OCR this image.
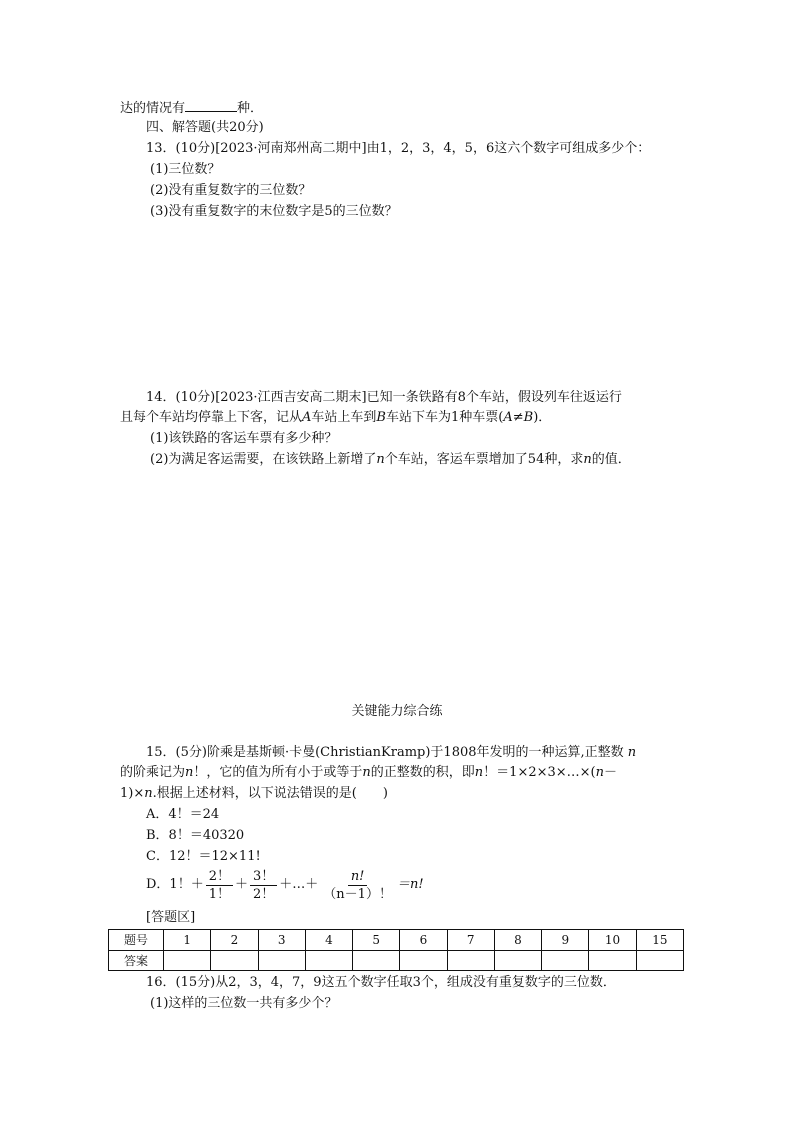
达的情况有	种．
四、解答题(共20分)
13．(10分)[2023·河南郑州高二期中]由1，2，3，4，5，6这六个数字可组成多少个：
(1)三位数？
(2)没有重复数字的三位数？
(3)没有重复数字的末位数字是5的三位数？
14．(10分)[2023·江西吉安高二期末]已知一条铁路有8个车站，假设列车往返运行
且每个车站均停靠上下客，记从A车站上车到B车站下车为1种车票(A≠B)．
(1)该铁路的客运车票有多少种？
(2)为满足客运需要，在该铁路上新增了n个车站，客运车票增加了54种，求n的值．
关键能力综合练
15．(5分)阶乘是基斯顿·卡曼(ChristianKramp)于1808年发明的一种运算,正整数 n
的阶乘记为n！，它的值为所有小于或等于n的正整数的积，即n！＝1×2×3×…×(n－
1)×n.根据上述材料，以下说法错误的是(　　)
A．4！＝24
B．8！＝40320
C．12！＝12×11!
D．1！＋ $\frac{2!}{1!} + \frac{3!}{2!}$ ＋…＋ $\frac{n!}{(n-1)!} =n$!
[答题区]
题号	1	2	3	4	5	6	7	8	9	10	15
答案											
16．(15分)从2，3，4，7，9这五个数字任取3个，组成没有重复数字的三位数．
(1)这样的三位数一共有多少个？
